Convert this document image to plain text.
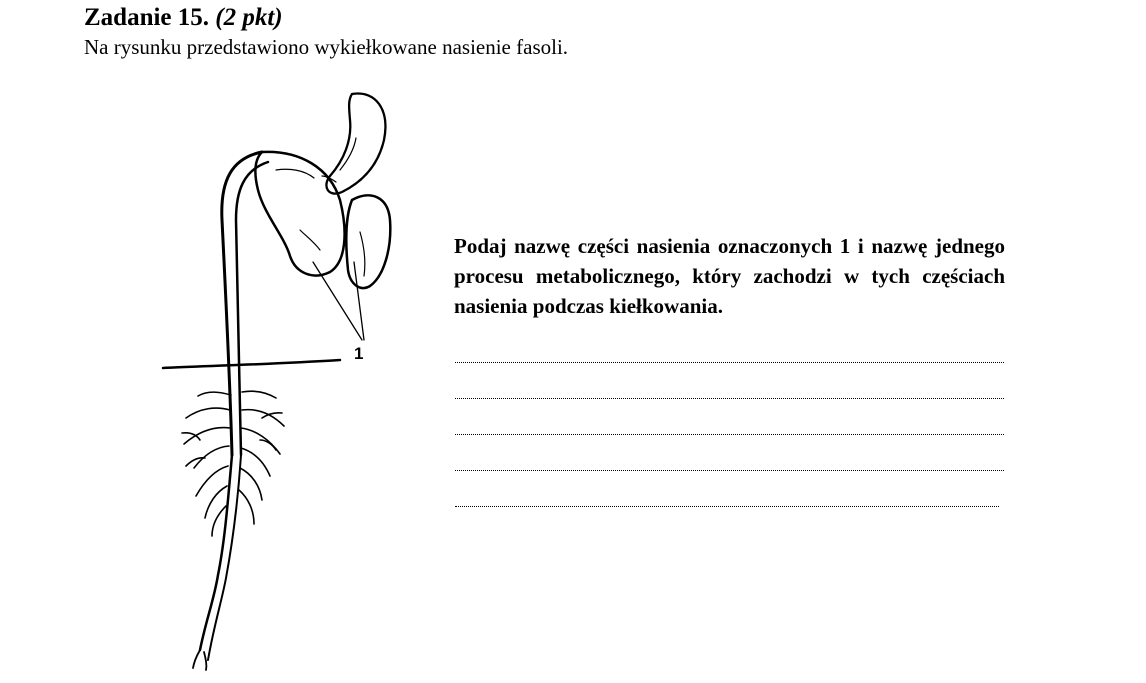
Zadanie 15. (2 pkt)
Na rysunku przedstawiono wykiełkowane nasienie fasoli.
1
Podaj nazwę części nasienia oznaczonych 1 i nazwę jednego procesu metabolicznego, który zachodzi w tych częściach nasienia podczas kiełkowania.
